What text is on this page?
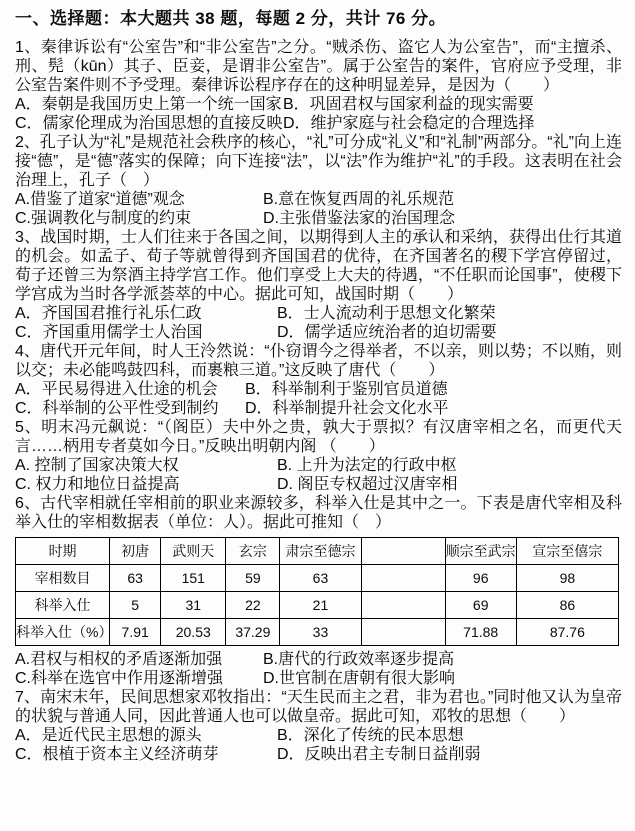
一、选择题：本大题共 38 题，每题 2 分，共计 76 分。

1、秦律诉讼有“公室告”和“非公室告”之分。“贼杀伤、盗它人为公室告”，而“主擅杀、刑、髡（kūn）其子、臣妾，是谓非公室告”。属于公室告的案件，官府应予受理，非公室告案件则不予受理。秦律诉讼程序存在的这种明显差异，是因为（　　）

A．秦朝是我国历史上第一个统一国家 B．巩固君权与国家利益的现实需要
C．儒家伦理成为治国思想的直接反映 D．维护家庭与社会稳定的合理选择

2、孔子认为“礼”是规范社会秩序的核心，“礼”可分成“礼义”和“礼制”两部分。“礼”向上连接“德”，是“德”落实的保障；向下连接“法”，以“法”作为维护“礼”的手段。这表明在社会治理上，孔子（　）

A.借鉴了道家“道德”观念	B.意在恢复西周的礼乐规范
C.强调教化与制度的约束	D.主张借鉴法家的治国理念

3、战国时期，士人们往来于各国之间，以期得到人主的承认和采纳，获得出仕行其道的机会。如孟子、荀子等就曾得到齐国国君的优待，在齐国著名的稷下学宫停留过，荀子还曾三为祭酒主持学宫工作。他们享受上大夫的待遇，“不任职而论国事”，使稷下学宫成为当时各学派荟萃的中心。据此可知，战国时期（　　）

A．齐国国君推行礼乐仁政	B．士人流动利于思想文化繁荣
C．齐国重用儒学士人治国	D．儒学适应统治者的迫切需要

4、唐代开元年间，时人王泠然说：“仆窃谓今之得举者，不以亲，则以势；不以贿，则以交；未必能鸣鼓四科，而裹粮三道。”这反映了唐代（　　）

A．平民易得进入仕途的机会	B．科举制利于鉴别官员道德
C．科举制的公平性受到制约	D．科举制提升社会文化水平

5、明末冯元飙说：“（阁臣）夫中外之贵，孰大于票拟？有汉唐宰相之名，而更代天言……柄用专者莫如今日。”反映出明朝内阁 （　　）

A. 控制了国家决策大权	B. 上升为法定的行政中枢
C. 权力和地位日益提高	D. 阁臣专权超过汉唐宰相

6、古代宰相就任宰相前的职业来源较多，科举入仕是其中之一。下表是唐代宰相及科举入仕的宰相数据表（单位：人）。据此可推知（　）

时期	初唐	武则天	玄宗	肃宗至德宗		顺宗至武宗	宣宗至僖宗
宰相数目	63	151	59	63		96	98
科举入仕	5	31	22	21		69	86
科举入仕（%）	7.91	20.53	37.29	33		71.88	87.76
A.君权与相权的矛盾逐渐加强	B.唐代的行政效率逐步提高
C.科举在选官中作用逐渐增强	D.世官制在唐朝有很大影响

7、南宋末年，民间思想家邓牧指出：“天生民而主之君，非为君也。”同时他又认为皇帝的状貌与普通人同，因此普通人也可以做皇帝。据此可知，邓牧的思想（　　）

A．是近代民主思想的源头	B．深化了传统的民本思想
C．根植于资本主义经济萌芽	D．反映出君主专制日益削弱
